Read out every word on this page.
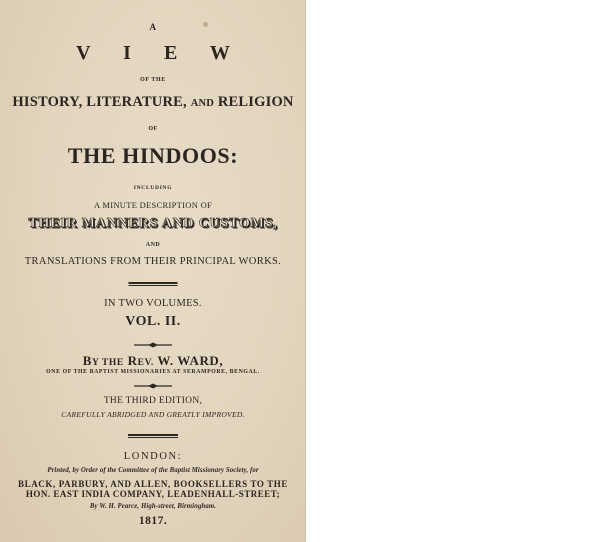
A
V I E W
OF THE
HISTORY, LITERATURE, AND RELIGION
OF
THE HINDOOS:
INCLUDING
A MINUTE DESCRIPTION OF
THEIR MANNERS AND CUSTOMS,
AND
TRANSLATIONS FROM THEIR PRINCIPAL WORKS.
IN TWO VOLUMES.
VOL. II.
BY THE REV. W. WARD,
ONE OF THE BAPTIST MISSIONARIES AT SERAMPORE, BENGAL.
THE THIRD EDITION,
CAREFULLY ABRIDGED AND GREATLY IMPROVED.
LONDON:
Printed, by Order of the Committee of the Baptist Missionary Society, for
BLACK, PARBURY, AND ALLEN, BOOKSELLERS TO THE
HON. EAST INDIA COMPANY, LEADENHALL-STREET;
By W. H. Pearce, High-street, Birmingham.
1817.
